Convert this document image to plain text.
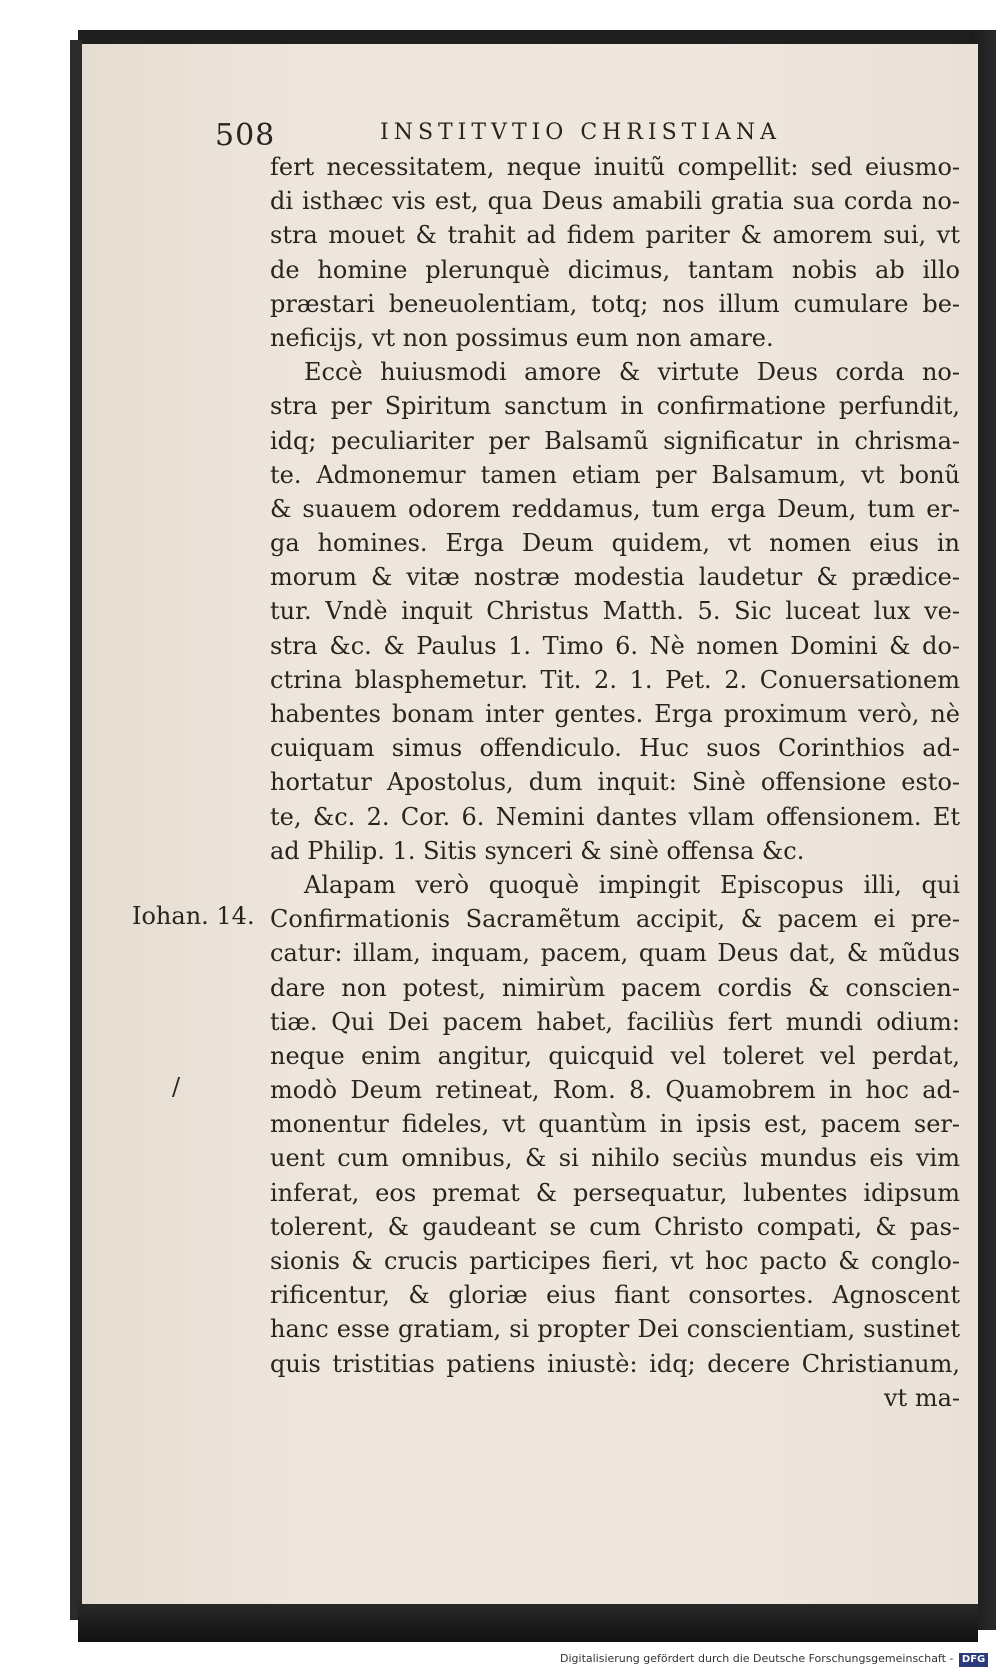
508	INSTITVTIO CHRISTIANA
fert necessitatem, neque inuitũ compellit: sed eiusmo-
di isthæc vis est, qua Deus amabili gratia sua corda no-
stra mouet & trahit ad fidem pariter & amorem sui, vt
de homine plerunquè dicimus, tantam nobis ab illo
præstari beneuolentiam, totq; nos illum cumulare be-
neficijs, vt non possimus eum non amare.
Eccè huiusmodi amore & virtute Deus corda no-
stra per Spiritum sanctum in confirmatione perfundit,
idq; peculiariter per Balsamũ significatur in chrisma-
te. Admonemur tamen etiam per Balsamum, vt bonũ
& suauem odorem reddamus, tum erga Deum, tum er-
ga homines. Erga Deum quidem, vt nomen eius in
morum & vitæ nostræ modestia laudetur & prædice-
tur. Vndè inquit Christus Matth. 5. Sic luceat lux ve-
stra &c. & Paulus 1. Timo 6. Nè nomen Domini & do-
ctrina blasphemetur. Tit. 2. 1. Pet. 2. Conuersationem
habentes bonam inter gentes. Erga proximum verò, nè
cuiquam simus offendiculo. Huc suos Corinthios ad-
hortatur Apostolus, dum inquit: Sinè offensione esto-
te, &c. 2. Cor. 6. Nemini dantes vllam offensionem. Et
ad Philip. 1. Sitis synceri & sinè offensa &c.
Alapam verò quoquè impingit Episcopus illi, qui
Confirmationis Sacramẽtum accipit, & pacem ei pre-
catur: illam, inquam, pacem, quam Deus dat, & mũdus
dare non potest, nimirùm pacem cordis & conscien-
tiæ. Qui Dei pacem habet, faciliùs fert mundi odium:
neque enim angitur, quicquid vel toleret vel perdat,
modò Deum retineat, Rom. 8. Quamobrem in hoc ad-
monentur fideles, vt quantùm in ipsis est, pacem ser-
uent cum omnibus, & si nihilo seciùs mundus eis vim
inferat, eos premat & persequatur, lubentes idipsum
tolerent, & gaudeant se cum Christo compati, & pas-
sionis & crucis participes fieri, vt hoc pacto & conglo-
rificentur, & gloriæ eius fiant consortes. Agnoscent
hanc esse gratiam, si propter Dei conscientiam, sustinet
quis tristitias patiens iniustè: idq; decere Christianum,
vt ma-
Iohan. 14.
/
Digitalisierung gefördert durch die Deutsche Forschungsgemeinschaft - DFG
